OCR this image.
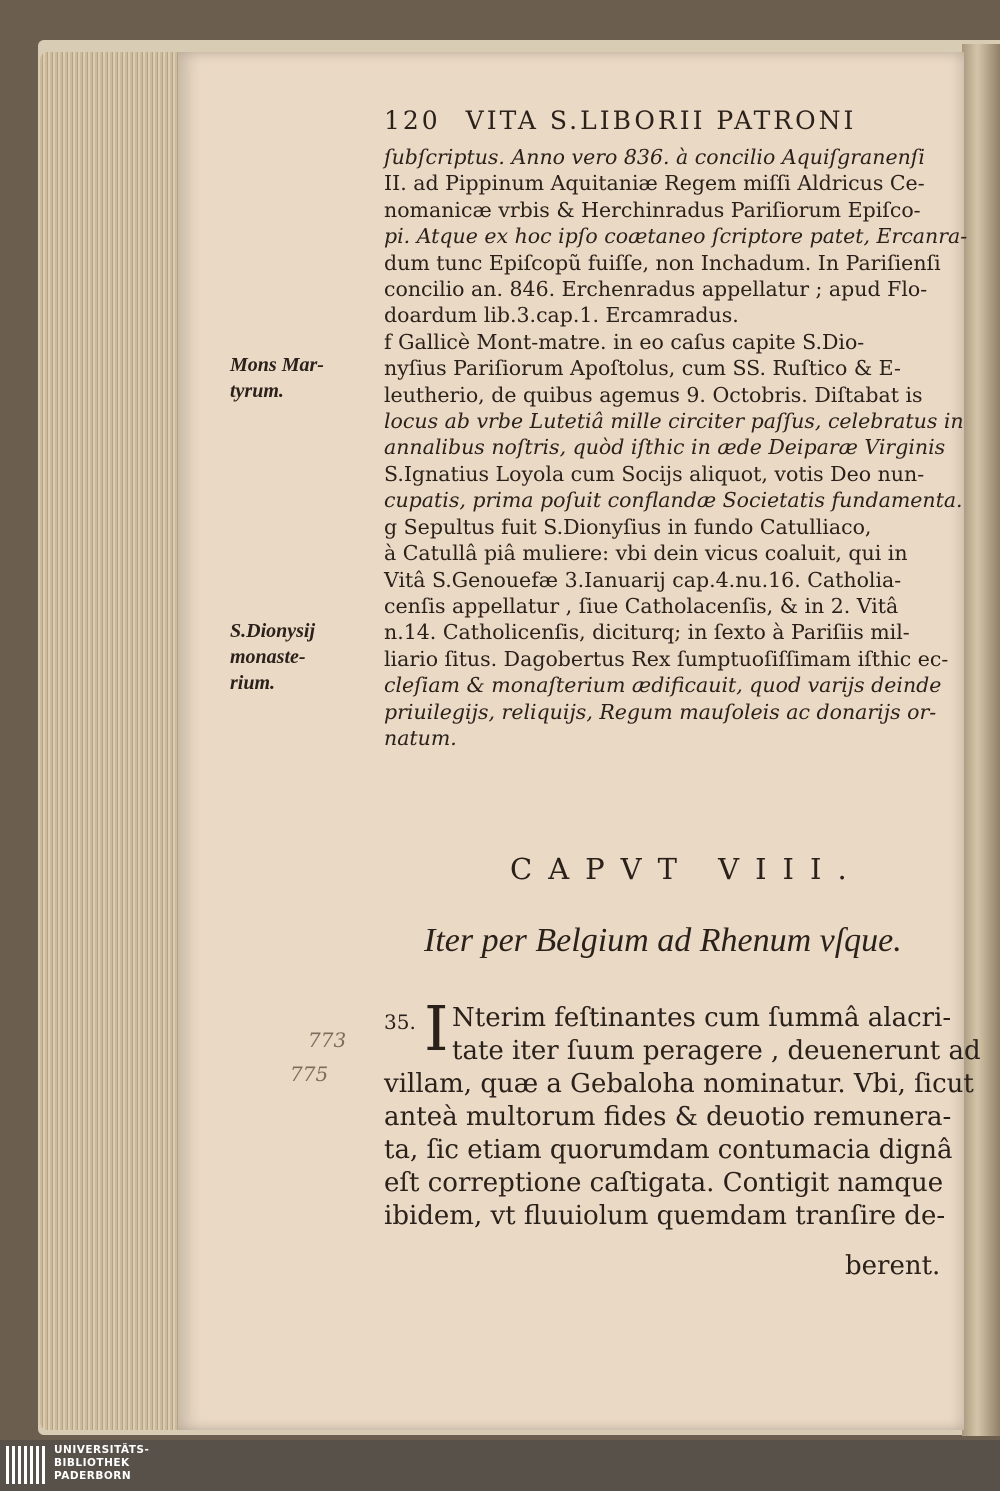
120 VITA S.LIBORII PATRONI
Mons Mar-
tyrum.
S.Dionysij
monaste-
rium.
ſubſcriptus. Anno vero 836. à concilio Aquiſgranenſi
II. ad Pippinum Aquitaniæ Regem miſſi Aldricus Ce-
nomanicæ vrbis & Herchinradus Pariſiorum Epiſco-
pi. Atque ex hoc ipſo coætaneo ſcriptore patet, Ercanra-
dum tunc Epiſcopũ fuiſſe, non Inchadum. In Pariſienſi
concilio an. 846. Erchenradus appellatur ; apud Flo-
doardum lib.3.cap.1. Ercamradus.
f Gallicè Mont-matre. in eo caſus capite S.Dio-
nyſius Pariſiorum Apoſtolus, cum SS. Ruſtico & E-
leutherio, de quibus agemus 9. Octobris. Diſtabat is
locus ab vrbe Lutetiâ mille circiter paſſus, celebratus in
annalibus noſtris, quòd iſthic in æde Deiparæ Virginis
S.Ignatius Loyola cum Socijs aliquot, votis Deo nun-
cupatis, prima poſuit conflandæ Societatis fundamenta.
g Sepultus fuit S.Dionyſius in fundo Catulliaco,
à Catullâ piâ muliere: vbi dein vicus coaluit, qui in
Vitâ S.Genouefæ 3.Ianuarij cap.4.nu.16. Catholia-
cenſis appellatur , ſiue Catholacenſis, & in 2. Vitâ
n.14. Catholicenſis, diciturq; in ſexto à Pariſiis mil-
liario ſitus. Dagobertus Rex ſumptuoſiſſimam iſthic ec-
cleſiam & monaſterium ædificauit, quod varijs deinde
priuilegijs, reliquijs, Regum mauſoleis ac donarijs or-
natum.
CAPVT VIII.
Iter per Belgium ad Rhenum vſque.
35. I Nterim feſtinantes cum ſummâ alacri-
tate iter ſuum peragere , deuenerunt ad
villam, quæ a Gebaloha nominatur. Vbi, ſicut
anteà multorum fides & deuotio remunera-
ta, ſic etiam quorumdam contumacia dignâ
eſt correptione caſtigata. Contigit namque
ibidem, vt fluuiolum quemdam tranſire de-
berent.
773
775
UNIVERSITÄTS-
BIBLIOTHEK
PADERBORN
